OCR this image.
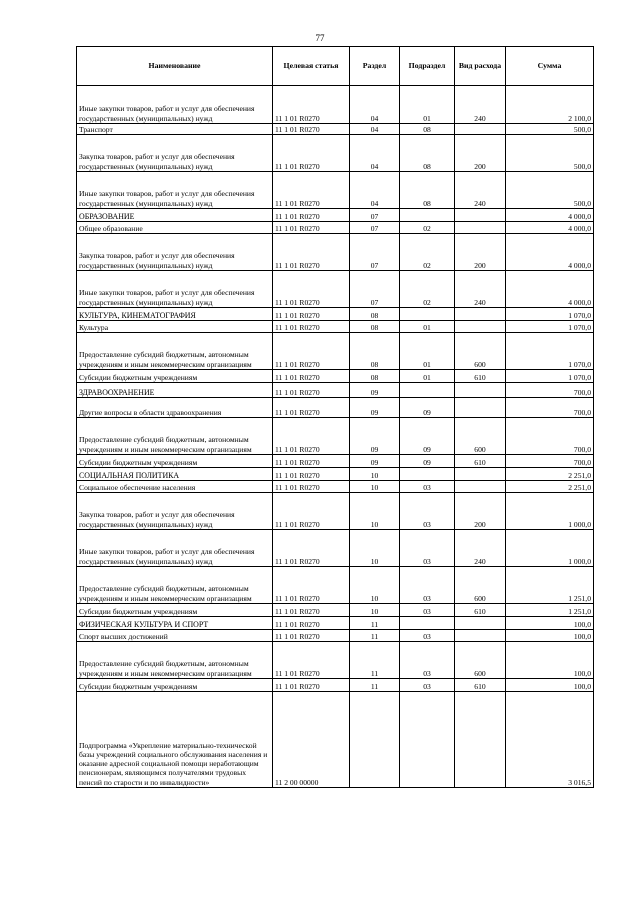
77
Наименование	Целевая статья	Раздел	Подраздел	Вид расхода	Сумма
Иные закупки товаров, работ и услуг для обеспечения государственных (муниципальных) нужд	11 1 01 R0270	04	01	240	2 100,0
Транспорт	11 1 01 R0270	04	08		500,0
Закупка товаров, работ и услуг для обеспечения государственных (муниципальных) нужд	11 1 01 R0270	04	08	200	500,0
Иные закупки товаров, работ и услуг для обеспечения государственных (муниципальных) нужд	11 1 01 R0270	04	08	240	500,0
ОБРАЗОВАНИЕ	11 1 01 R0270	07			4 000,0
Общее образование	11 1 01 R0270	07	02		4 000,0
Закупка товаров, работ и услуг для обеспечения государственных (муниципальных) нужд	11 1 01 R0270	07	02	200	4 000,0
Иные закупки товаров, работ и услуг для обеспечения государственных (муниципальных) нужд	11 1 01 R0270	07	02	240	4 000,0
КУЛЬТУРА, КИНЕМАТОГРАФИЯ	11 1 01 R0270	08			1 070,0
Культура	11 1 01 R0270	08	01		1 070,0
Предоставление субсидий бюджетным, автономным учреждениям и иным некоммерческим организациям	11 1 01 R0270	08	01	600	1 070,0
Субсидии бюджетным учреждениям	11 1 01 R0270	08	01	610	1 070,0
ЗДРАВООХРАНЕНИЕ	11 1 01 R0270	09			700,0
Другие вопросы в области здравоохранения	11 1 01 R0270	09	09		700,0
Предоставление субсидий бюджетным, автономным учреждениям и иным некоммерческим организациям	11 1 01 R0270	09	09	600	700,0
Субсидии бюджетным учреждениям	11 1 01 R0270	09	09	610	700,0
СОЦИАЛЬНАЯ ПОЛИТИКА	11 1 01 R0270	10			2 251,0
Социальное обеспечение населения	11 1 01 R0270	10	03		2 251,0
Закупка товаров, работ и услуг для обеспечения государственных (муниципальных) нужд	11 1 01 R0270	10	03	200	1 000,0
Иные закупки товаров, работ и услуг для обеспечения государственных (муниципальных) нужд	11 1 01 R0270	10	03	240	1 000,0
Предоставление субсидий бюджетным, автономным учреждениям и иным некоммерческим организациям	11 1 01 R0270	10	03	600	1 251,0
Субсидии бюджетным учреждениям	11 1 01 R0270	10	03	610	1 251,0
ФИЗИЧЕСКАЯ КУЛЬТУРА И СПОРТ	11 1 01 R0270	11			100,0
Спорт высших достижений	11 1 01 R0270	11	03		100,0
Предоставление субсидий бюджетным, автономным учреждениям и иным некоммерческим организациям	11 1 01 R0270	11	03	600	100,0
Субсидии бюджетным учреждениям	11 1 01 R0270	11	03	610	100,0
Подпрограмма «Укрепление материально-технической базы учреждений социального обслуживания населения и оказание адресной социальной помощи неработающим пенсионерам, являющимся получателями трудовых пенсий по старости и по инвалидности»	11 2 00 00000				3 016,5
